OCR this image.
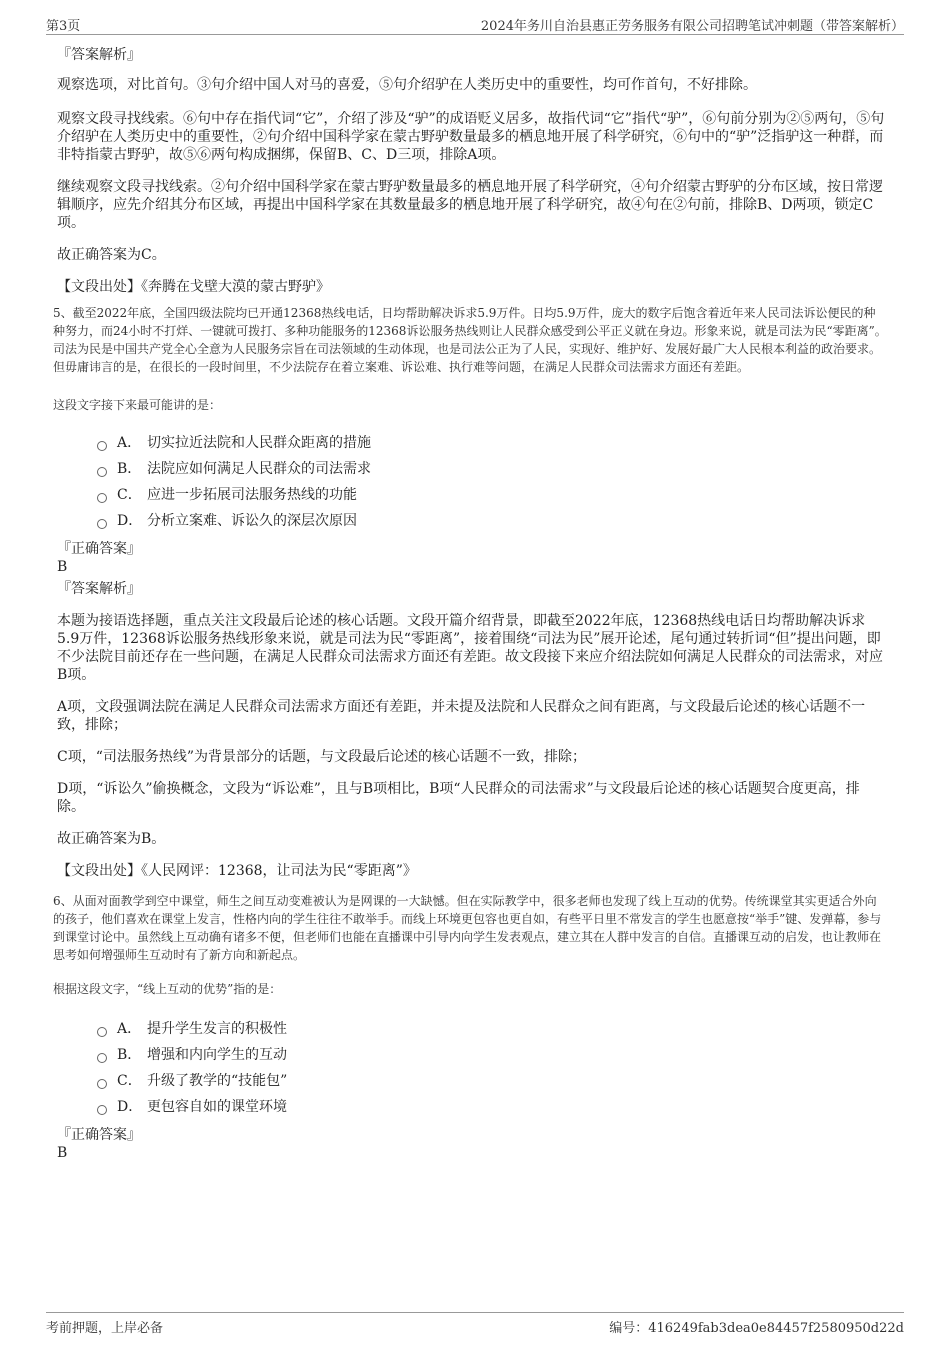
第3页	2024年务川自治县惠正劳务服务有限公司招聘笔试冲刺题（带答案解析）
『答案解析』

观察选项，对比首句。③句介绍中国人对马的喜爱，⑤句介绍驴在人类历史中的重要性，均可作首句，不好排除。

观察文段寻找线索。⑥句中存在指代词“它”，介绍了涉及“驴”的成语贬义居多，故指代词“它”指代“驴”，⑥句前分别为②⑤两句，⑤句介绍驴在人类历史中的重要性，②句介绍中国科学家在蒙古野驴数量最多的栖息地开展了科学研究，⑥句中的“驴”泛指驴这一种群，而非特指蒙古野驴，故⑤⑥两句构成捆绑，保留B、C、D三项，排除A项。

继续观察文段寻找线索。②句介绍中国科学家在蒙古野驴数量最多的栖息地开展了科学研究，④句介绍蒙古野驴的分布区域，按日常逻辑顺序，应先介绍其分布区域，再提出中国科学家在其数量最多的栖息地开展了科学研究，故④句在②句前，排除B、D两项，锁定C项。

故正确答案为C。

【文段出处】《奔腾在戈壁大漠的蒙古野驴》
5、截至2022年底，全国四级法院均已开通12368热线电话，日均帮助解决诉求5.9万件。日均5.9万件，庞大的数字后饱含着近年来人民司法诉讼便民的种种努力，而24小时不打烊、一键就可拨打、多种功能服务的12368诉讼服务热线则让人民群众感受到公平正义就在身边。形象来说，就是司法为民“零距离”。司法为民是中国共产党全心全意为人民服务宗旨在司法领域的生动体现，也是司法公正为了人民，实现好、维护好、发展好最广大人民根本利益的政治要求。但毋庸讳言的是，在很长的一段时间里，不少法院存在着立案难、诉讼难、执行难等问题，在满足人民群众司法需求方面还有差距。
这段文字接下来最可能讲的是：
A． 切实拉近法院和人民群众距离的措施
B． 法院应如何满足人民群众的司法需求
C． 应进一步拓展司法服务热线的功能
D． 分析立案难、诉讼久的深层次原因
『正确答案』
B
『答案解析』

本题为接语选择题，重点关注文段最后论述的核心话题。文段开篇介绍背景，即截至2022年底，12368热线电话日均帮助解决诉求5.9万件，12368诉讼服务热线形象来说，就是司法为民“零距离”，接着围绕“司法为民”展开论述，尾句通过转折词“但”提出问题，即不少法院目前还存在一些问题，在满足人民群众司法需求方面还有差距。故文段接下来应介绍法院如何满足人民群众的司法需求，对应B项。

A项，文段强调法院在满足人民群众司法需求方面还有差距，并未提及法院和人民群众之间有距离，与文段最后论述的核心话题不一致，排除；

C项，“司法服务热线”为背景部分的话题，与文段最后论述的核心话题不一致，排除；

D项，“诉讼久”偷换概念，文段为“诉讼难”，且与B项相比，B项“人民群众的司法需求”与文段最后论述的核心话题契合度更高，排除。

故正确答案为B。

【文段出处】《人民网评：12368，让司法为民“零距离”》
6、从面对面教学到空中课堂，师生之间互动变难被认为是网课的一大缺憾。但在实际教学中，很多老师也发现了线上互动的优势。传统课堂其实更适合外向的孩子，他们喜欢在课堂上发言，性格内向的学生往往不敢举手。而线上环境更包容也更自如，有些平日里不常发言的学生也愿意按“举手”键、发弹幕，参与到课堂讨论中。虽然线上互动确有诸多不便，但老师们也能在直播课中引导内向学生发表观点，建立其在人群中发言的自信。直播课互动的启发，也让教师在思考如何增强师生互动时有了新方向和新起点。
根据这段文字，“线上互动的优势”指的是：
A． 提升学生发言的积极性
B． 增强和内向学生的互动
C． 升级了教学的“技能包”
D． 更包容自如的课堂环境
『正确答案』
B
考前押题，上岸必备	编号：416249fab3dea0e84457f2580950d22d
